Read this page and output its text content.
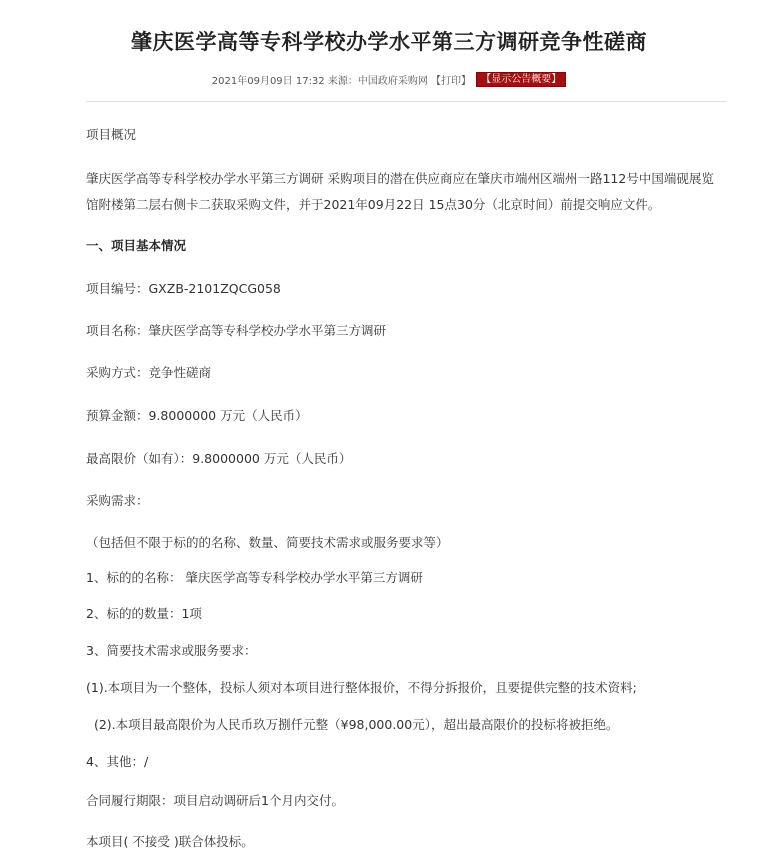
肇庆医学高等专科学校办学水平第三方调研竞争性磋商
2021年09月09日 17:32 来源：中国政府采购网 【打印】 【显示公告概要】
项目概况
肇庆医学高等专科学校办学水平第三方调研 采购项目的潜在供应商应在肇庆市端州区端州一路112号中国端砚展览馆附楼第二层右侧卡二获取采购文件，并于2021年09月22日 15点30分（北京时间）前提交响应文件。
一、项目基本情况
项目编号：GXZB-2101ZQCG058
项目名称：肇庆医学高等专科学校办学水平第三方调研
采购方式：竞争性磋商
预算金额：9.8000000 万元（人民币）
最高限价（如有）：9.8000000 万元（人民币）
采购需求：
（包括但不限于标的的名称、数量、简要技术需求或服务要求等）
1、标的的名称： 肇庆医学高等专科学校办学水平第三方调研
2、标的的数量：1项
3、简要技术需求或服务要求：
(1).本项目为一个整体，投标人须对本项目进行整体报价，不得分拆报价，且要提供完整的技术资料;
(2).本项目最高限价为人民币玖万捌仟元整（¥98,000.00元），超出最高限价的投标将被拒绝。
4、其他：/
合同履行期限：项目启动调研后1个月内交付。
本项目( 不接受 )联合体投标。
